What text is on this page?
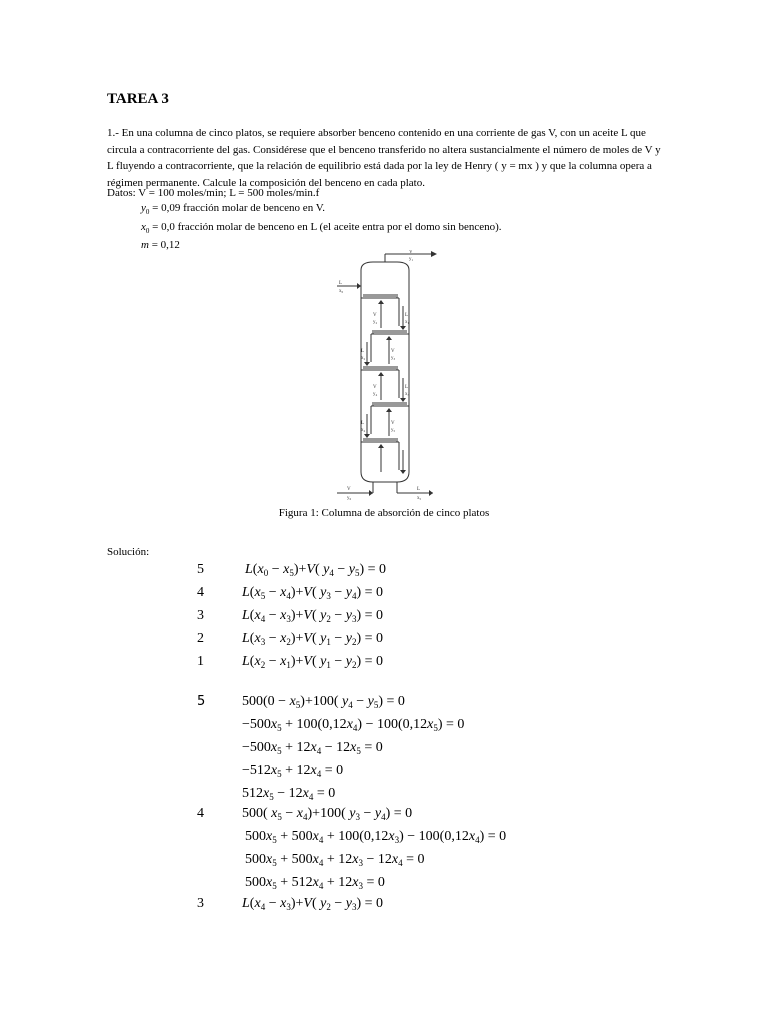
TAREA 3
1.- En una columna de cinco platos, se requiere absorber benceno contenido en una corriente de gas V, con un aceite L que circula a contracorriente del gas. Considérese que el benceno transferido no altera sustancialmente el número de moles de V y L fluyendo a contracorriente, que la relación de equilibrio está dada por la ley de Henry ( y = mx ) y que la columna opera a régimen permanente. Calcule la composición del benceno en cada plato.
Datos: V = 100 moles/min; L = 500 moles/min.f
$y_0 = 0,09$ fracción molar de benceno en V.
$x_0 = 0,0$ fracción molar de benceno en L (el aceite entra por el domo sin benceno).
m = 0,12
V
y₁
L
x₀
V
y₂
L
x₁
V
y₃
L
x₂
V
y₄
L
x₃
V
y₅
L
x₄
V
y₆
L
x₅
Figura 1: Columna de absorción de cinco platos
Solución:
5
4
3
2
1
5
4
3
$L(x_0 - x_5)+V$( $y_4 - y_5) = 0$
$L(x_5 - x_4)+V$( $y_3 - y_4) = 0$
$L(x_4 - x_3)+V$( $y_2 - y_3) = 0$
$L(x_3 - x_2)+V$( $y_1 - y_2) = 0$
$L(x_2 - x_1)+V$( $y_1 - y_2) = 0$
$500(0 - x_5)+100$( $y_4 - y_5) = 0$
$-500x_5 + 100(0,12x_4) - 100(0,12x_5) = 0$
$-500x_5 + 12x_4 - 12x_5 = 0$
$-512x_5 + 12x_4 = 0$
$512x_5 - 12x_4 = 0$
500( $x_5 - x_4)+100$( $y_3 - y_4) = 0$
$500x_5 + 500x_4 + 100(0,12x_3) - 100(0,12x_4) = 0$
$500x_5 + 500x_4 + 12x_3 - 12x_4 = 0$
$500x_5 + 512x_4 + 12x_3 = 0$
$L(x_4 - x_3)+V$( $y_2 - y_3) = 0$
